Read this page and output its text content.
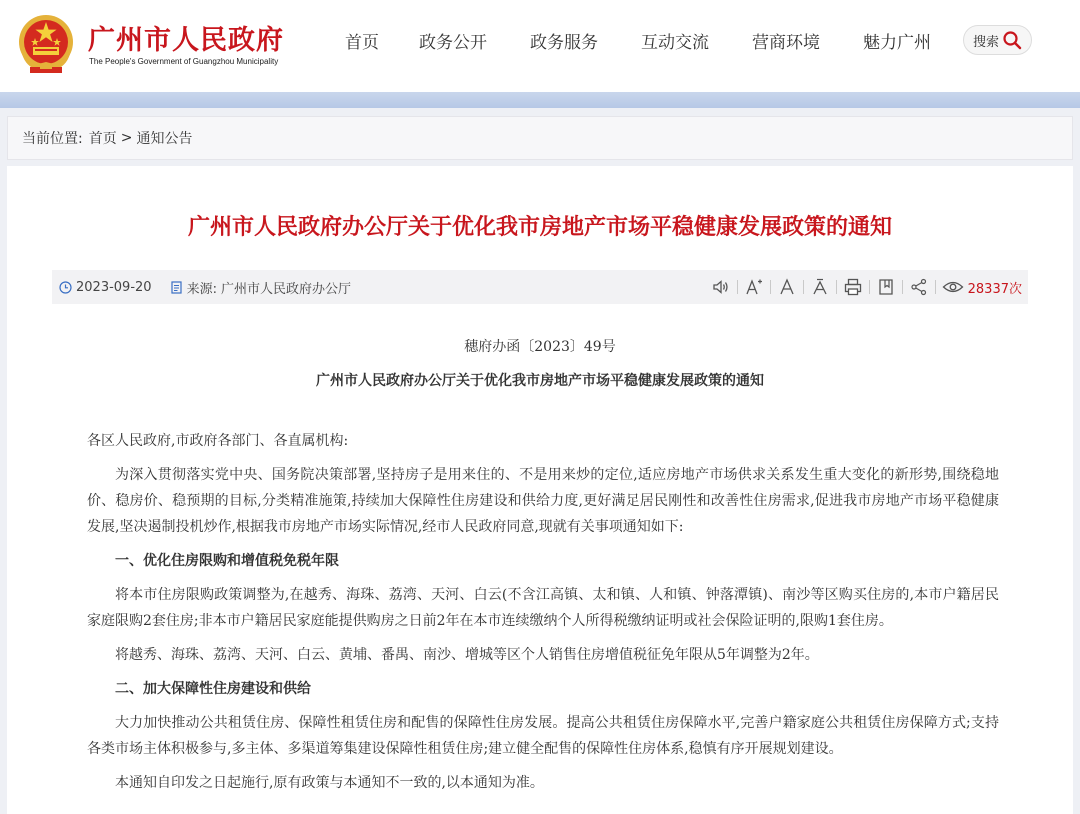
广州市人民政府
The People's Government of Guangzhou Municipality
首页 政务公开	政务服务	互动交流	营商环境	魅力广州	搜索
当前位置: 首页 > 通知公告
广州市人民政府办公厅关于优化我市房地产市场平稳健康发展政策的通知
2023-09-20	来源: 广州市人民政府办公厅	28337次
穗府办函〔2023〕49号
广州市人民政府办公厅关于优化我市房地产市场平稳健康发展政策的通知

各区人民政府,市政府各部门、各直属机构:

为深入贯彻落实党中央、国务院决策部署,坚持房子是用来住的、不是用来炒的定位,适应房地产市场供求关系发生重大变化的新形势,围绕稳地价、稳房价、稳预期的目标,分类精准施策,持续加大保障性住房建设和供给力度,更好满足居民刚性和改善性住房需求,促进我市房地产市场平稳健康发展,坚决遏制投机炒作,根据我市房地产市场实际情况,经市人民政府同意,现就有关事项通知如下:

一、优化住房限购和增值税免税年限

将本市住房限购政策调整为,在越秀、海珠、荔湾、天河、白云(不含江高镇、太和镇、人和镇、钟落潭镇)、南沙等区购买住房的,本市户籍居民家庭限购2套住房;非本市户籍居民家庭能提供购房之日前2年在本市连续缴纳个人所得税缴纳证明或社会保险证明的,限购1套住房。

将越秀、海珠、荔湾、天河、白云、黄埔、番禺、南沙、增城等区个人销售住房增值税征免年限从5年调整为2年。

二、加大保障性住房建设和供给

大力加快推动公共租赁住房、保障性租赁住房和配售的保障性住房发展。提高公共租赁住房保障水平,完善户籍家庭公共租赁住房保障方式;支持各类市场主体积极参与,多主体、多渠道筹集建设保障性租赁住房;建立健全配售的保障性住房体系,稳慎有序开展规划建设。

本通知自印发之日起施行,原有政策与本通知不一致的,以本通知为准。
